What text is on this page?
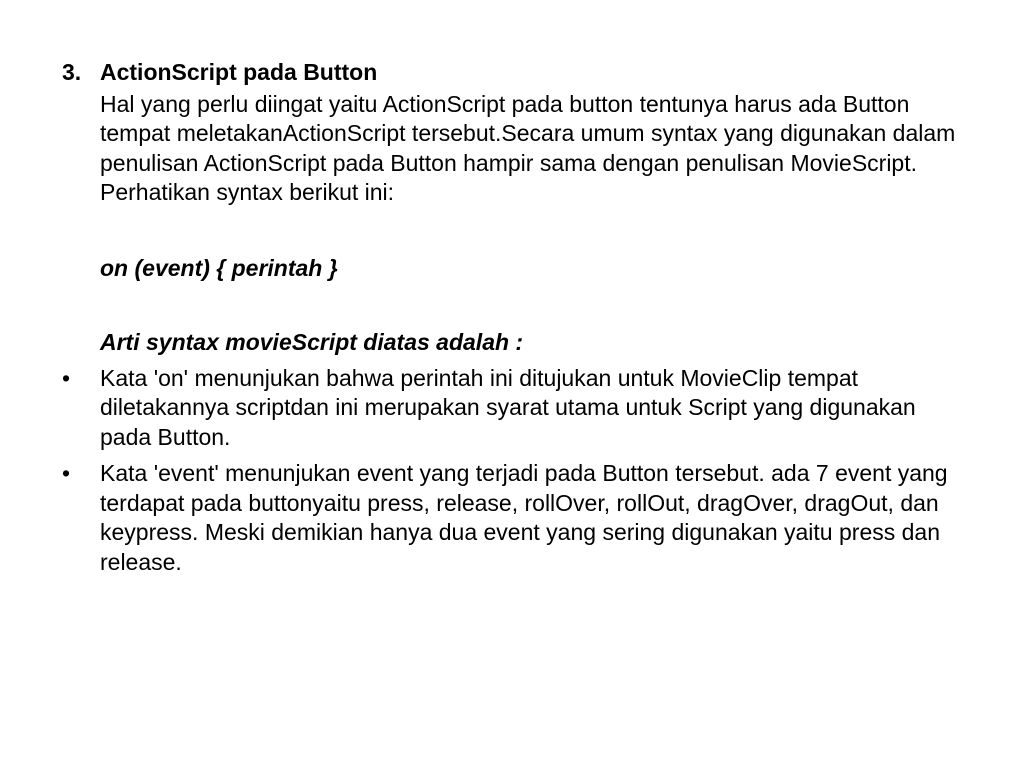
3. ActionScript pada Button
Hal yang perlu diingat yaitu ActionScript pada button tentunya harus ada Button tempat meletakanActionScript tersebut.Secara umum syntax yang digunakan dalam penulisan ActionScript pada Button hampir sama dengan penulisan MovieScript. Perhatikan syntax berikut ini:
on (event) { perintah }
Arti syntax movieScript diatas adalah :
•	Kata 'on' menunjukan bahwa perintah ini ditujukan untuk MovieClip tempat diletakannya scriptdan ini merupakan syarat utama untuk Script yang digunakan pada Button.
•	Kata 'event' menunjukan event yang terjadi pada Button tersebut. ada 7 event yang terdapat pada buttonyaitu press, release, rollOver, rollOut, dragOver, dragOut, dan keypress. Meski demikian hanya dua event yang sering digunakan yaitu press dan release.
